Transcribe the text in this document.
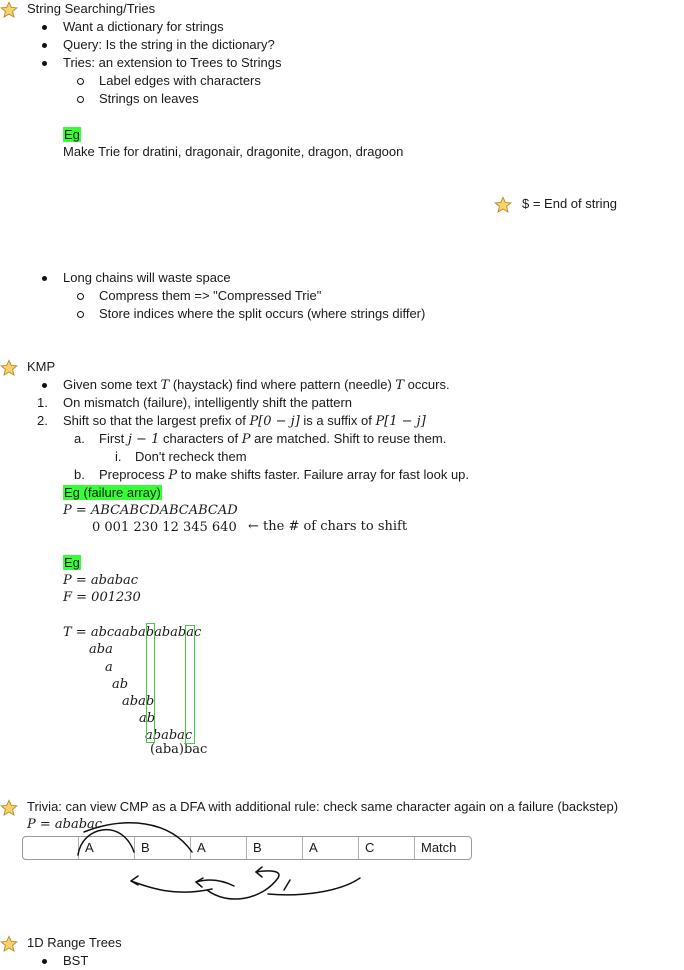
String Searching/Tries
Want a dictionary for strings
Query: Is the string in the dictionary?
Tries: an extension to Trees to Strings
Label edges with characters
Strings on leaves
Eg
Make Trie for dratini, dragonair, dragonite, dragon, dragoon
$ = End of string
Long chains will waste space
Compress them => "Compressed Trie"
Store indices where the split occurs (where strings differ)
KMP
Given some text T (haystack) find where pattern (needle) T occurs.
1. On mismatch (failure), intelligently shift the pattern
2. Shift so that the largest prefix of P[0 − j] is a suffix of P[1 − j]
a. First j − 1 characters of P are matched. Shift to reuse them.
i. Don't recheck them
b. Preprocess P to make shifts faster. Failure array for fast look up.
Eg (failure array)
P = ABCABCDABCABCAD
0 001 230 12 345 640 ← the # of chars to shift
Eg
P = ababac
F = 001230
T = abcaababababac
aba
a
ab
abab
ab
ababac
(aba)bac
Trivia: can view CMP as a DFA with additional rule: check same character again on a failure (backstep)
P = ababac
A	B	A	B	A	C	Match
1D Range Trees
BST
